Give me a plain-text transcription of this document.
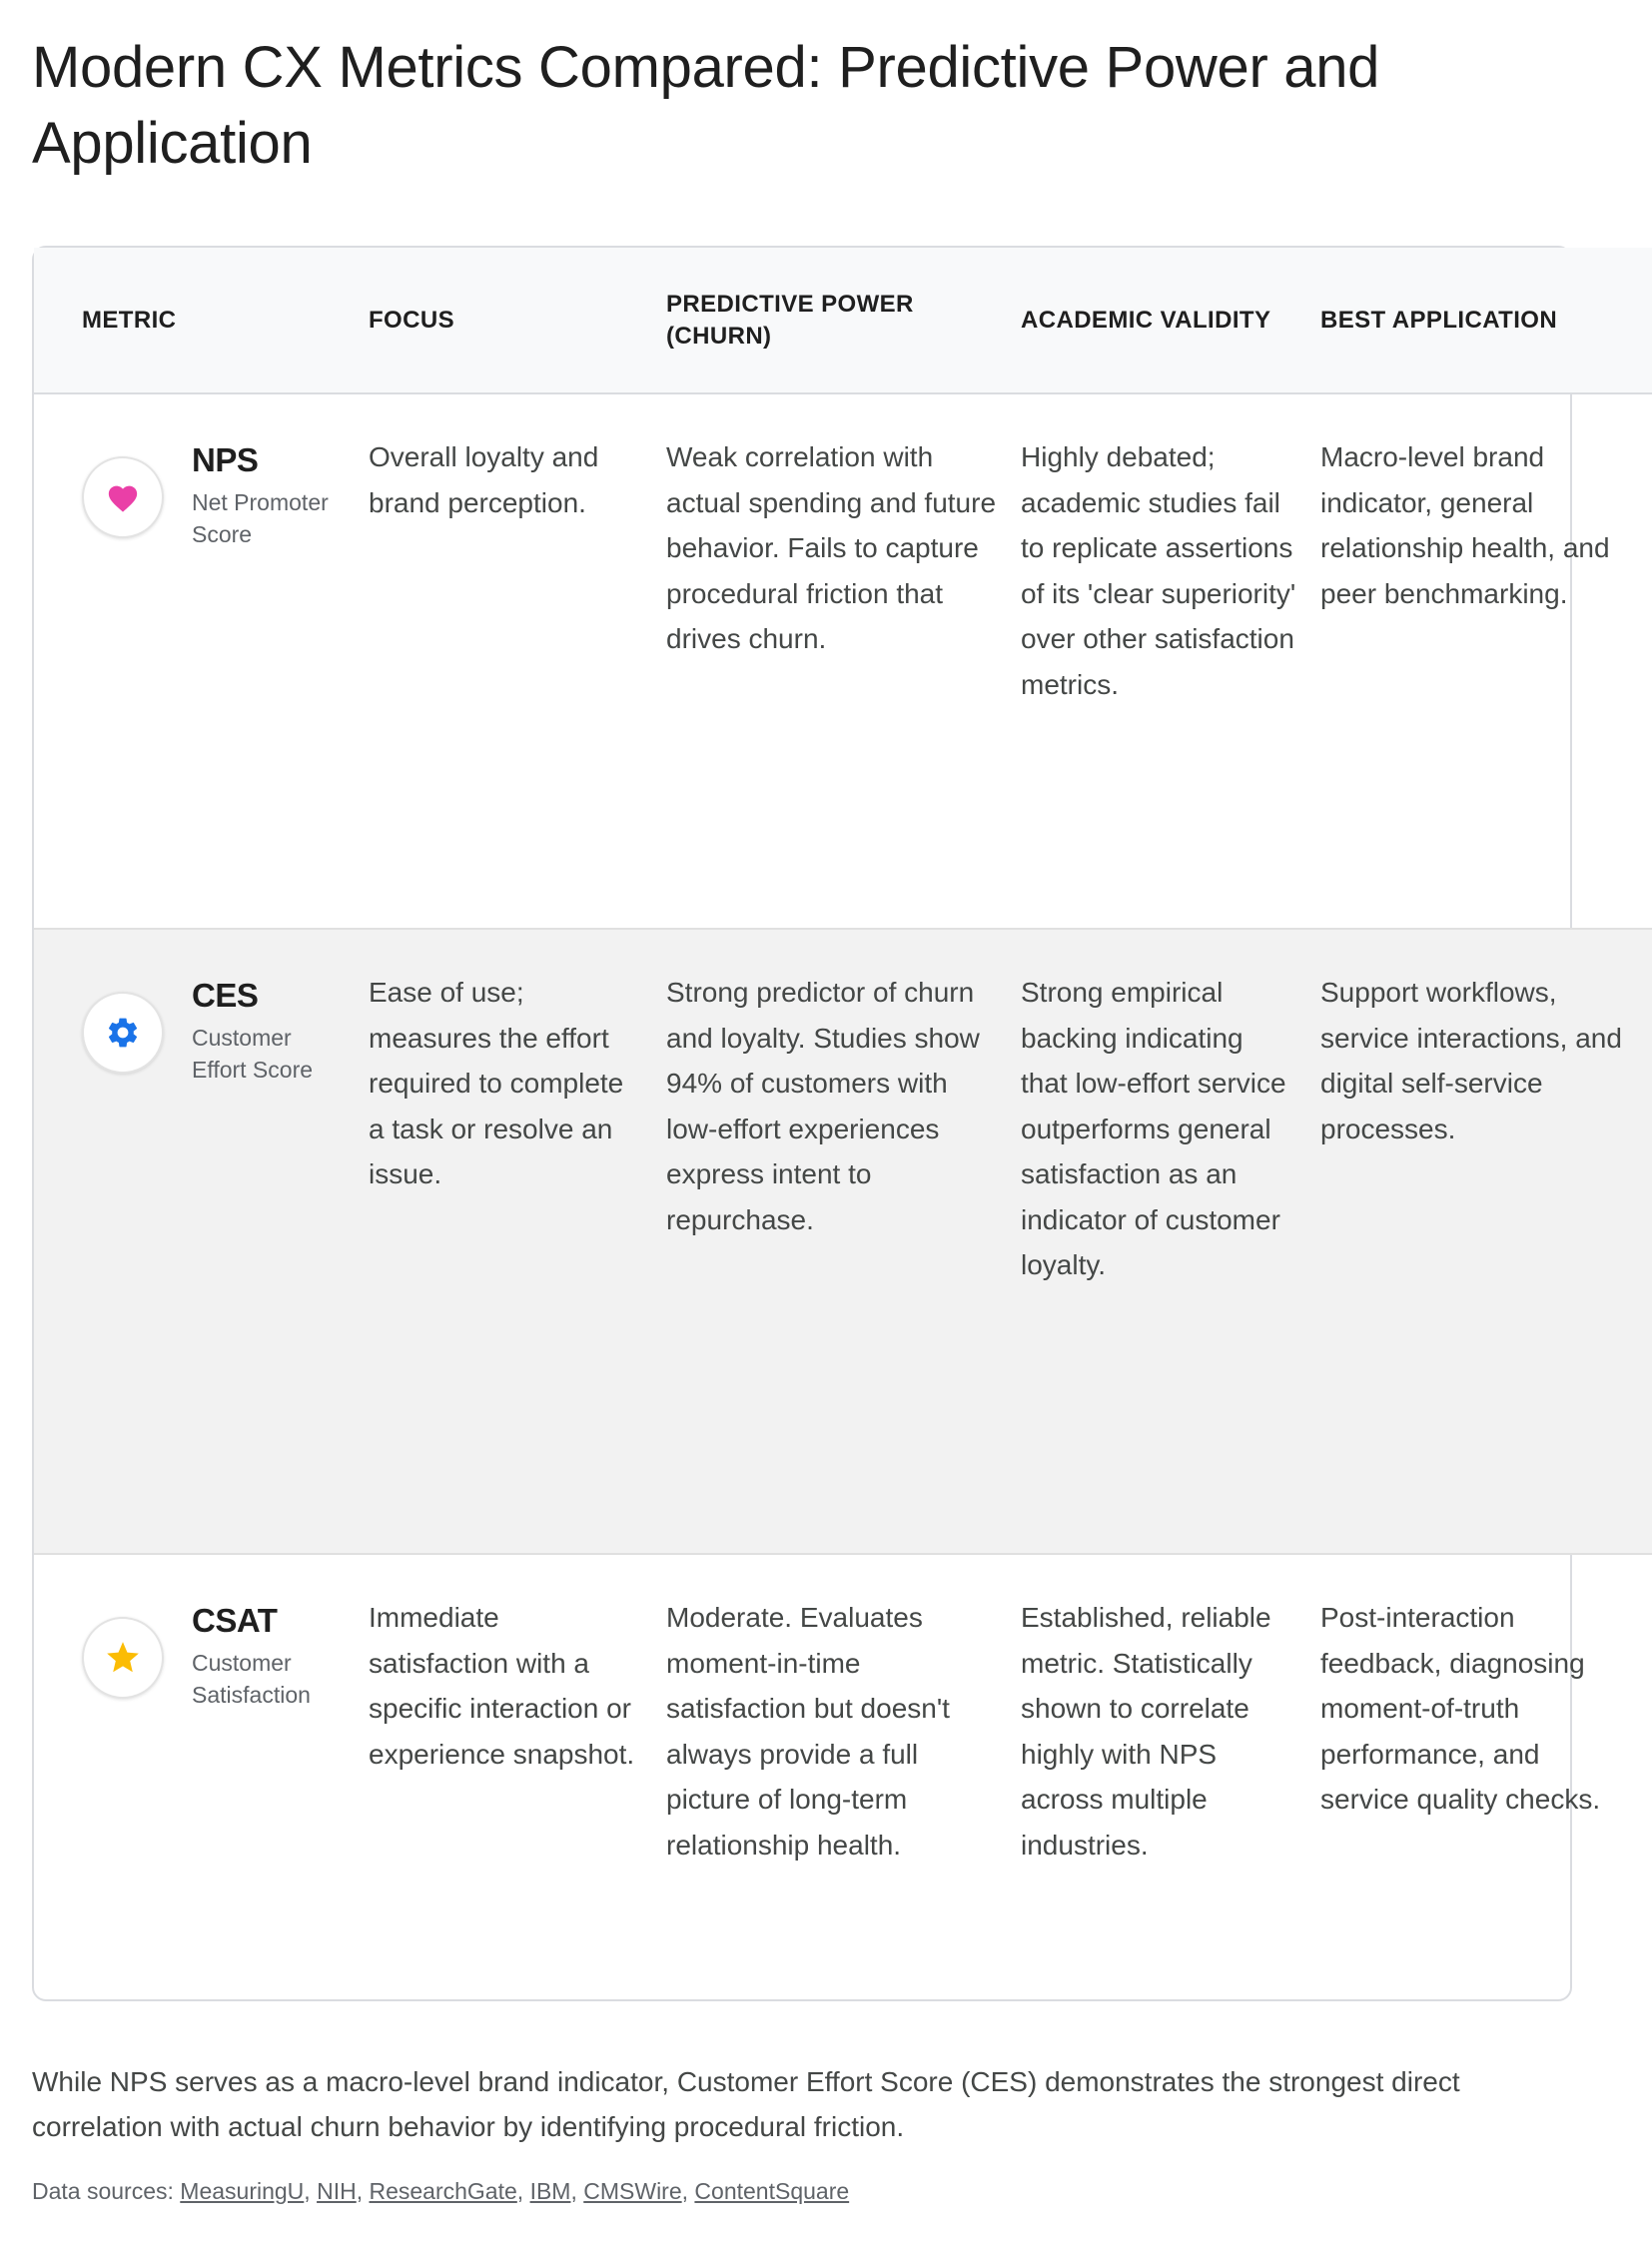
Modern CX Metrics Compared: Predictive Power and Application
METRIC	FOCUS	PREDICTIVE POWER (CHURN)	ACADEMIC VALIDITY	BEST APPLICATION

NPS
Net Promoter Score	Overall loyalty and brand perception.	Weak correlation with actual spending and future behavior. Fails to capture procedural friction that drives churn.	Highly debated; academic studies fail to replicate assertions of its 'clear superiority' over other satisfaction metrics.	Macro-level brand indicator, general relationship health, and peer benchmarking.

CES
Customer Effort Score	Ease of use; measures the effort required to complete a task or resolve an issue.	Strong predictor of churn and loyalty. Studies show 94% of customers with low-effort experiences express intent to repurchase.	Strong empirical backing indicating that low-effort service outperforms general satisfaction as an indicator of customer loyalty.	Support workflows, service interactions, and digital self-service processes.

CSAT
Customer Satisfaction	Immediate satisfaction with a specific interaction or experience snapshot.	Moderate. Evaluates moment-in-time satisfaction but doesn't always provide a full picture of long-term relationship health.	Established, reliable metric. Statistically shown to correlate highly with NPS across multiple industries.	Post-interaction feedback, diagnosing moment-of-truth performance, and service quality checks.

While NPS serves as a macro-level brand indicator, Customer Effort Score (CES) demonstrates the strongest direct correlation with actual churn behavior by identifying procedural friction.

Data sources: MeasuringU, NIH, ResearchGate, IBM, CMSWire, ContentSquare
